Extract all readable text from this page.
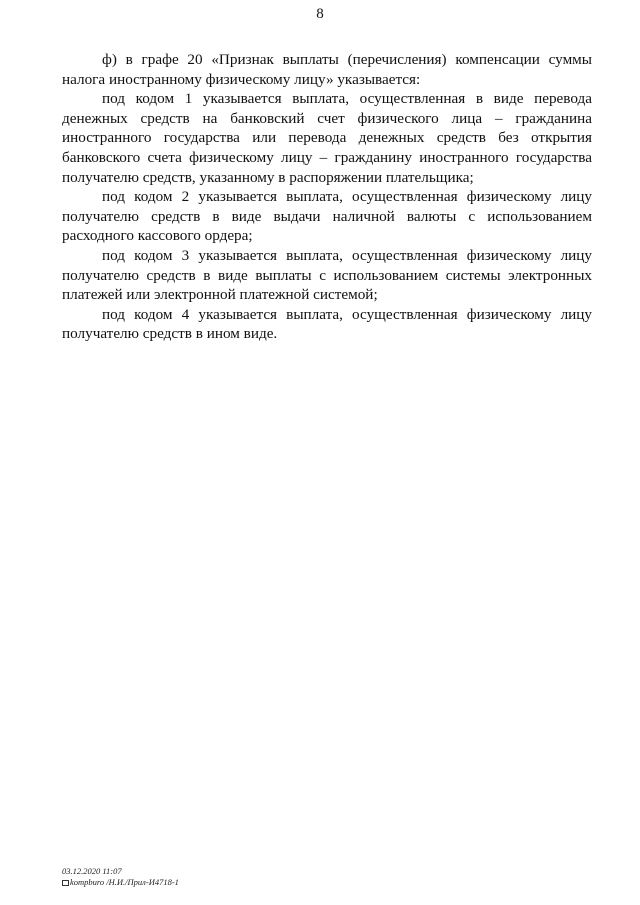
8

ф) в графе 20 «Признак выплаты (перечисления) компенсации суммы налога иностранному физическому лицу» указывается:

под кодом 1 указывается выплата, осуществленная в виде перевода денежных средств на банковский счет физического лица – гражданина иностранного государства или перевода денежных средств без открытия банковского счета физическому лицу – гражданину иностранного государства получателю средств, указанному в распоряжении плательщика;

под кодом 2 указывается выплата, осуществленная физическому лицу получателю средств в виде выдачи наличной валюты с использованием расходного кассового ордера;

под кодом 3 указывается выплата, осуществленная физическому лицу получателю средств в виде выплаты с использованием системы электронных платежей или электронной платежной системой;

под кодом 4 указывается выплата, осуществленная физическому лицу получателю средств в ином виде.

03.12.2020 11:07
kompburo /Н.И./Прил-И4718-1
